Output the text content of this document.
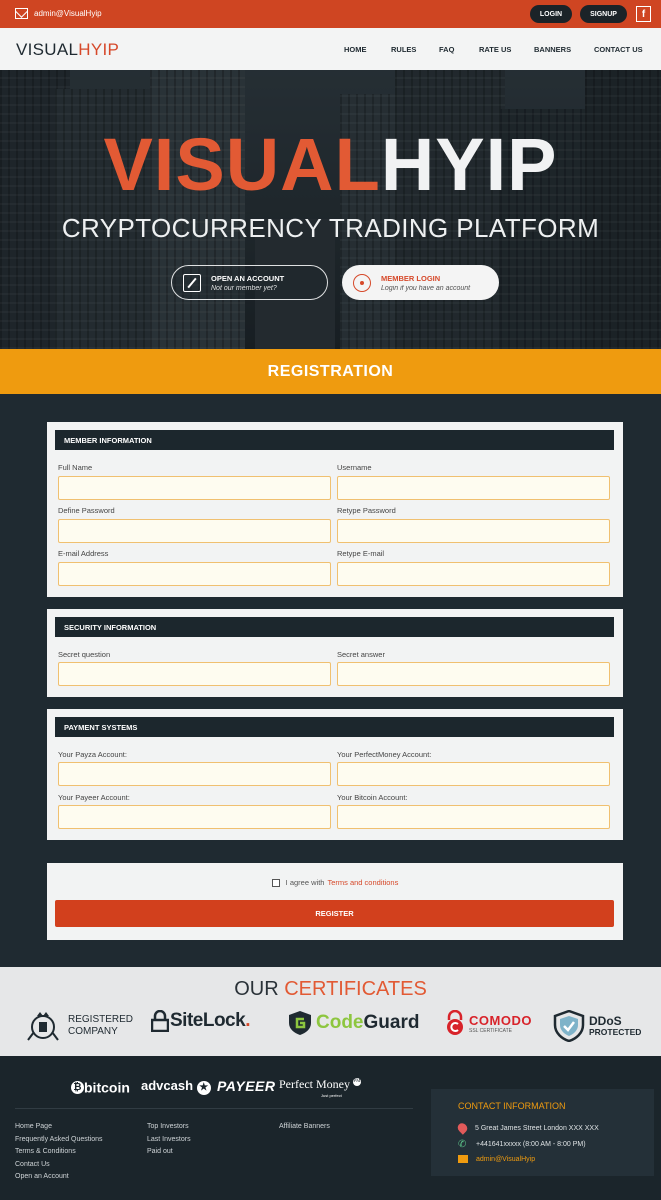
admin@VisualHyip	LOGIN	SIGNUP	f
VISUALHYIP	HOME	RULES	FAQ	RATE US	BANNERS	CONTACT US
VISUALHYIP
CRYPTOCURRENCY TRADING PLATFORM
OPEN AN ACCOUNT
Not our member yet?
MEMBER LOGIN
Login if you have an account
REGISTRATION
MEMBER INFORMATION
Full Name	Username
Define Password	Retype Password
E-mail Address	Retype E-mail
SECURITY INFORMATION
Secret question	Secret answer
PAYMENT SYSTEMS
Your Payza Account:	Your PerfectMoney Account:
Your Payeer Account:	Your Bitcoin Account:
I agree with Terms and conditions
REGISTER
OUR CERTIFICATES
REGISTERED
COMPANY
SiteLock .	Code Guard	COMODO
SSL CERTIFICATE
DDoS
PROTECTED
₿ bitcoin advcash ★ PAYEER Perfect Money PM
Just perfect
Home Page
Frequently Asked Questions
Terms & Conditions
Contact Us
Open an Account
Top Investors
Last Investors
Paid out
Affiliate Banners
CONTACT INFORMATION
5 Great James Street London XXX XXX
✆ +441641xxxxx (8:00 AM - 8:00 PM)
admin@VisualHyip
